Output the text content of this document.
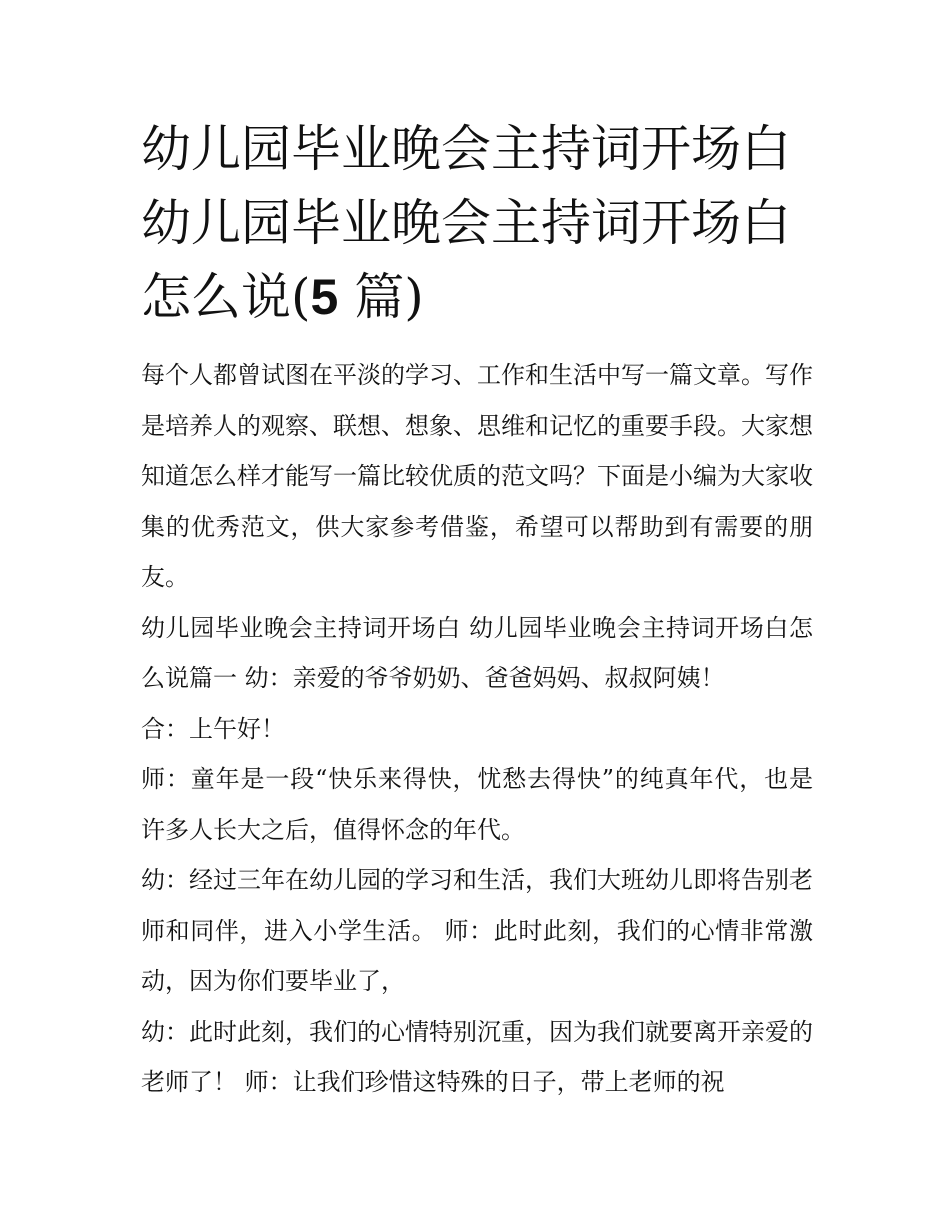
幼儿园毕业晚会主持词开场白幼儿园毕业晚会主持词开场白怎么说(5 篇)

每个人都曾试图在平淡的学习、工作和生活中写一篇文章。写作是培养人的观察、联想、想象、思维和记忆的重要手段。大家想知道怎么样才能写一篇比较优质的范文吗？下面是小编为大家收集的优秀范文，供大家参考借鉴，希望可以帮助到有需要的朋友。

幼儿园毕业晚会主持词开场白 幼儿园毕业晚会主持词开场白怎么说篇一 幼：亲爱的爷爷奶奶、爸爸妈妈、叔叔阿姨！

合：上午好！

师：童年是一段“快乐来得快，忧愁去得快”的纯真年代，也是许多人长大之后，值得怀念的年代。

幼：经过三年在幼儿园的学习和生活，我们大班幼儿即将告别老师和同伴，进入小学生活。 师：此时此刻，我们的心情非常激动，因为你们要毕业了，

幼：此时此刻，我们的心情特别沉重，因为我们就要离开亲爱的老师了！ 师：让我们珍惜这特殊的日子，带上老师的祝
